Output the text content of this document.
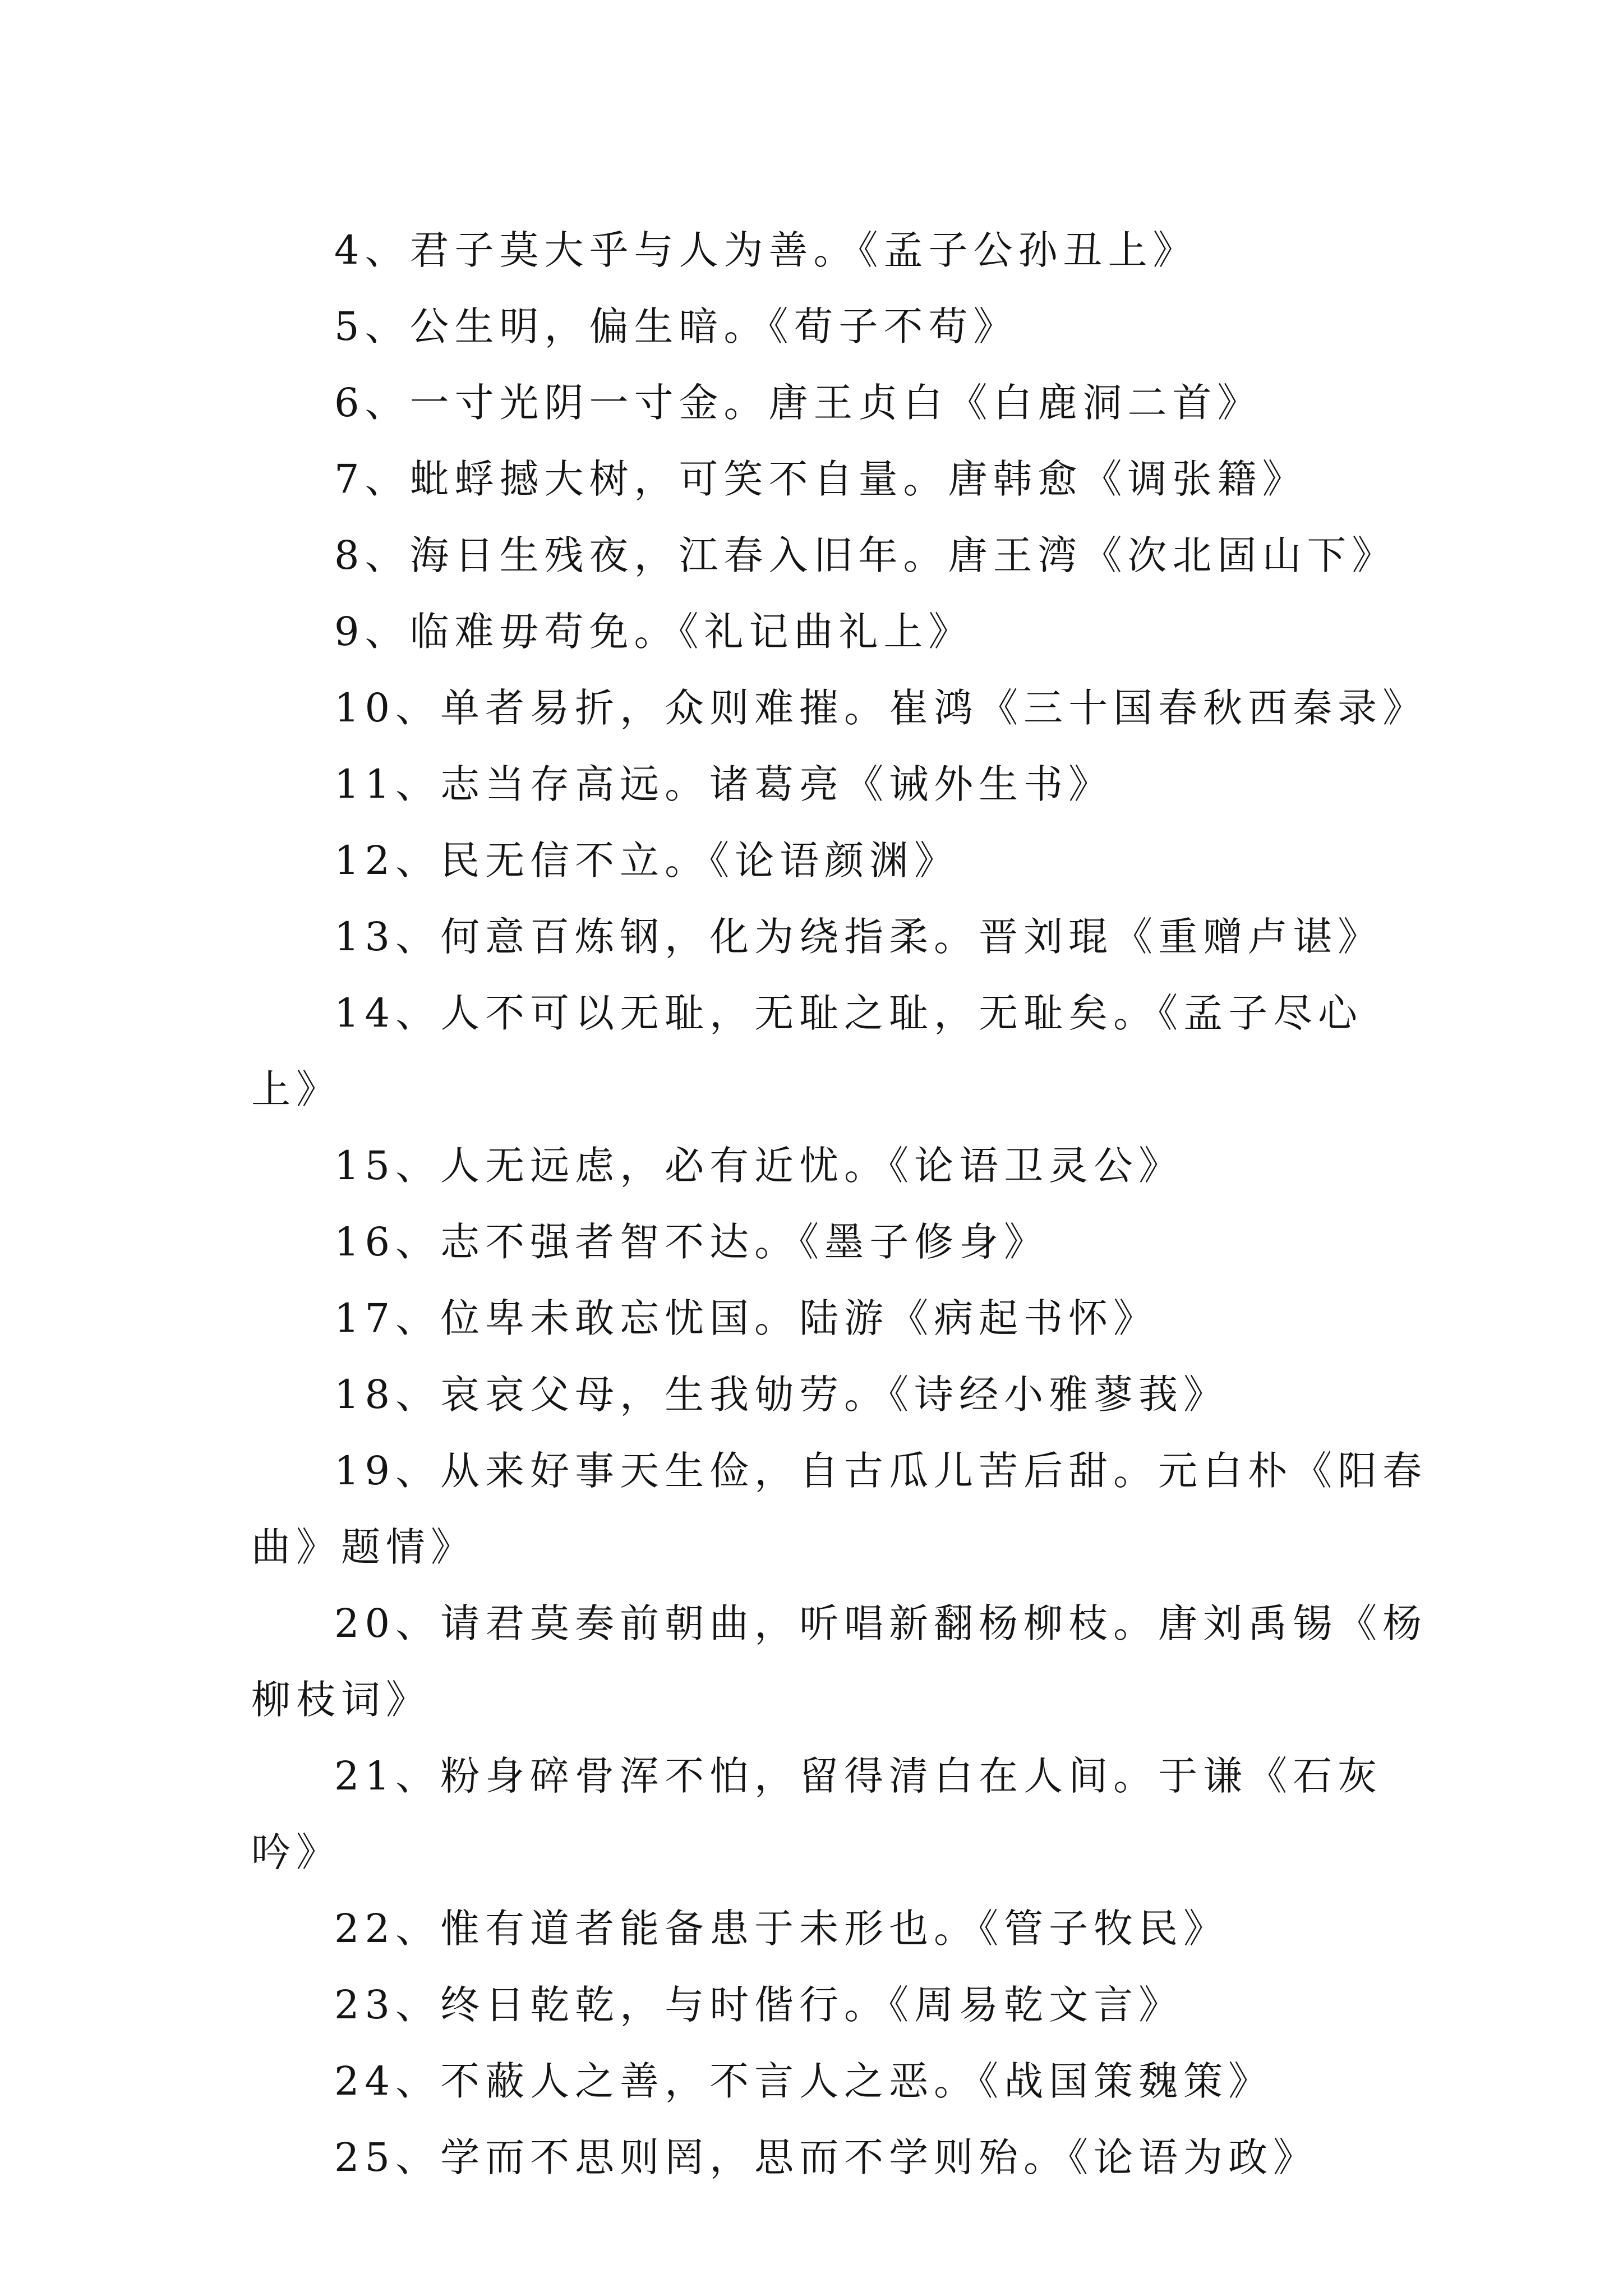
4、君子莫大乎与人为善。《孟子公孙丑上》
5、公生明，偏生暗。《荀子不苟》
6、一寸光阴一寸金。唐王贞白《白鹿洞二首》
7、蚍蜉撼大树，可笑不自量。唐韩愈《调张籍》
8、海日生残夜，江春入旧年。唐王湾《次北固山下》
9、临难毋苟免。《礼记曲礼上》
10、单者易折，众则难摧。崔鸿《三十国春秋西秦录》
11、志当存高远。诸葛亮《诫外生书》
12、民无信不立。《论语颜渊》
13、何意百炼钢，化为绕指柔。晋刘琨《重赠卢谌》
14、人不可以无耻，无耻之耻，无耻矣。《孟子尽心上》
15、人无远虑，必有近忧。《论语卫灵公》
16、志不强者智不达。《墨子修身》
17、位卑未敢忘忧国。陆游《病起书怀》
18、哀哀父母，生我劬劳。《诗经小雅蓼莪》
19、从来好事天生俭，自古瓜儿苦后甜。元白朴《阳春曲》题情》
20、请君莫奏前朝曲，听唱新翻杨柳枝。唐刘禹锡《杨柳枝词》
21、粉身碎骨浑不怕，留得清白在人间。于谦《石灰吟》
22、惟有道者能备患于未形也。《管子牧民》
23、终日乾乾，与时偕行。《周易乾文言》
24、不蔽人之善，不言人之恶。《战国策魏策》
25、学而不思则罔，思而不学则殆。《论语为政》
